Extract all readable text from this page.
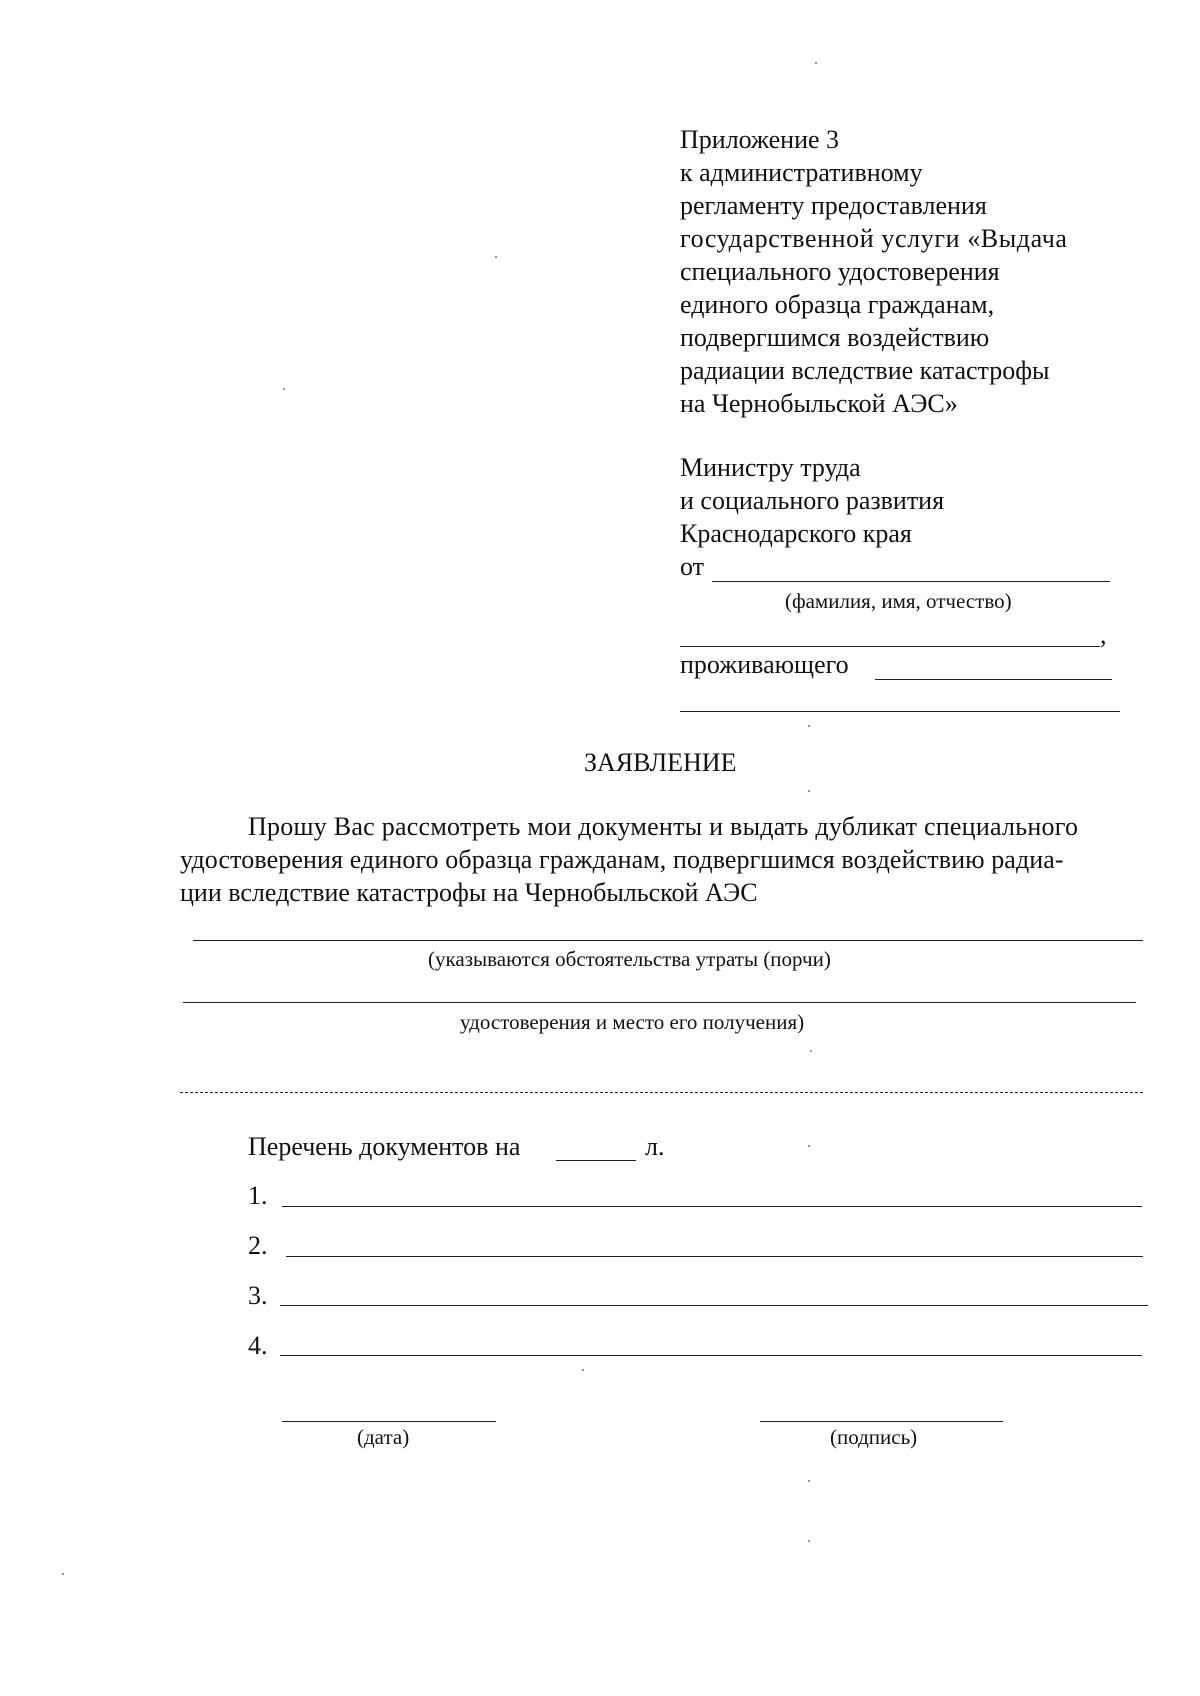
Приложение 3
к административному
регламенту предоставления
государственной услуги «Выдача
специального удостоверения
единого образца гражданам,
подвергшимся воздействию
радиации вследствие катастрофы
на Чернобыльской АЭС»
Министру труда
и социального развития
Краснодарского края
от
(фамилия, имя, отчество)
,
проживающего
ЗАЯВЛЕНИЕ
Прошу Вас рассмотреть мои документы и выдать дубликат специального
удостоверения единого образца гражданам, подвергшимся воздействию радиа-
ции вследствие катастрофы на Чернобыльской АЭС
(указываются обстоятельства утраты (порчи)
удостоверения и место его получения)
Перечень документов на	л.
1.
2.
3.
4.
(дата)	(подпись)
